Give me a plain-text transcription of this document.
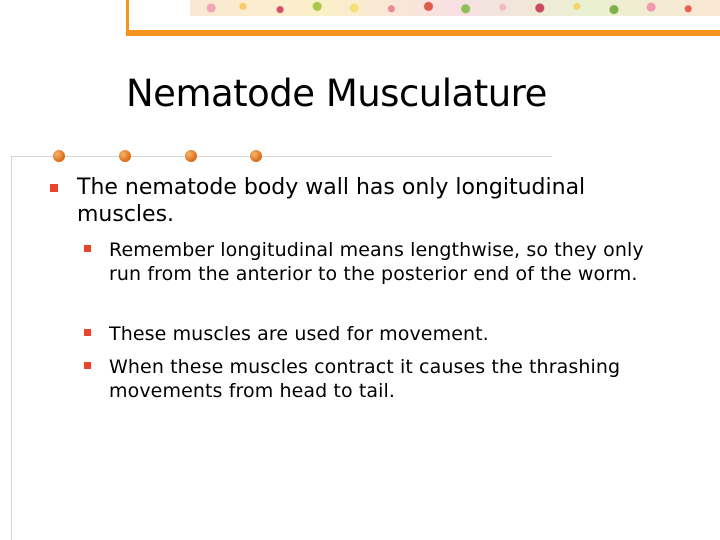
Nematode Musculature
The nematode body wall has only longitudinal muscles.
Remember longitudinal means lengthwise, so they only run from the anterior to the posterior end of the worm.
These muscles are used for movement.
When these muscles contract it causes the thrashing movements from head to tail.
